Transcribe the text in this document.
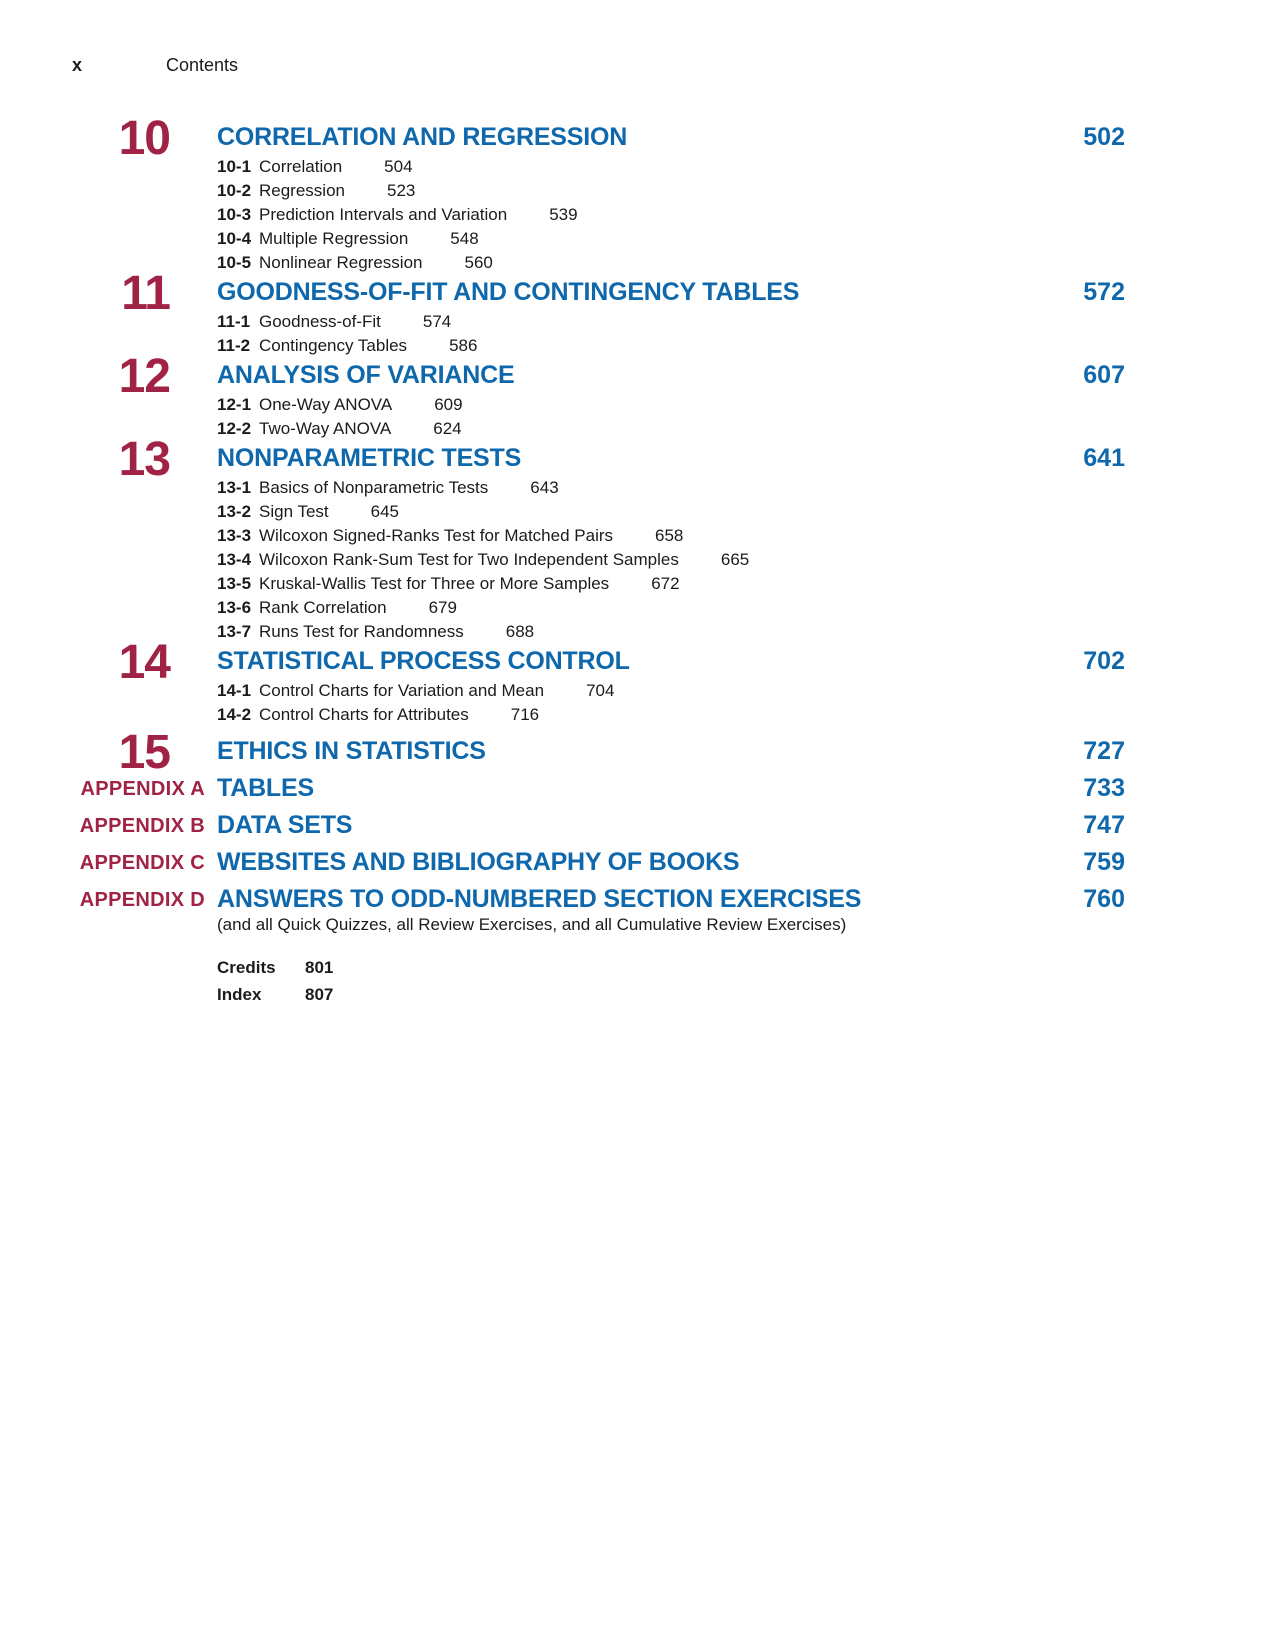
x	Contents
10 CORRELATION AND REGRESSION	502
10-1 Correlation 504
10-2 Regression 523
10-3 Prediction Intervals and Variation 539
10-4 Multiple Regression 548
10-5 Nonlinear Regression 560
11 GOODNESS-OF-FIT AND CONTINGENCY TABLES	572
11-1 Goodness-of-Fit 574
11-2 Contingency Tables 586
12 ANALYSIS OF VARIANCE	607
12-1 One-Way ANOVA 609
12-2 Two-Way ANOVA 624
13 NONPARAMETRIC TESTS	641
13-1 Basics of Nonparametric Tests 643
13-2 Sign Test 645
13-3 Wilcoxon Signed-Ranks Test for Matched Pairs 658
13-4 Wilcoxon Rank-Sum Test for Two Independent Samples 665
13-5 Kruskal-Wallis Test for Three or More Samples 672
13-6 Rank Correlation 679
13-7 Runs Test for Randomness 688
14 STATISTICAL PROCESS CONTROL	702
14-1 Control Charts for Variation and Mean 704
14-2 Control Charts for Attributes 716
15 ETHICS IN STATISTICS	727
APPENDIX A TABLES	733
APPENDIX B DATA SETS	747
APPENDIX C WEBSITES AND BIBLIOGRAPHY OF BOOKS	759
APPENDIX D ANSWERS TO ODD-NUMBERED SECTION EXERCISES	760
(and all Quick Quizzes, all Review Exercises, and all Cumulative Review Exercises)
Credits 801
Index	807
